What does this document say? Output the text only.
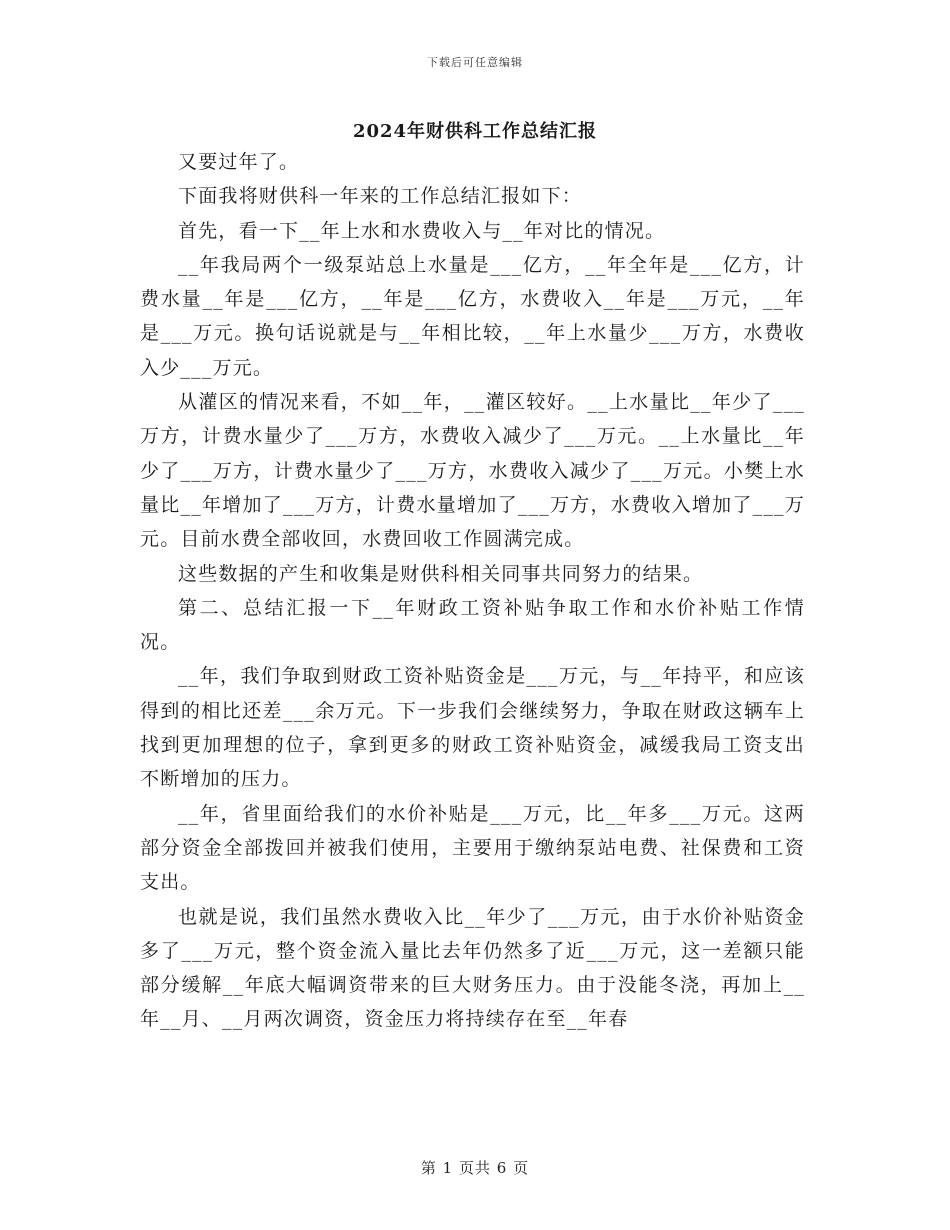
下载后可任意编辑
2024年财供科工作总结汇报

又要过年了。

下面我将财供科一年来的工作总结汇报如下：

首先，看一下__年上水和水费收入与__年对比的情况。

__年我局两个一级泵站总上水量是___亿方，__年全年是___亿方，计费水量__年是___亿方，__年是___亿方，水费收入__年是___万元，__年是___万元。换句话说就是与__年相比较，__年上水量少___万方，水费收入少___万元。

从灌区的情况来看，不如__年，__灌区较好。__上水量比__年少了___万方，计费水量少了___万方，水费收入减少了___万元。__上水量比__年少了___万方，计费水量少了___万方，水费收入减少了___万元。小樊上水量比__年增加了___万方，计费水量增加了___万方，水费收入增加了___万元。目前水费全部收回，水费回收工作圆满完成。

这些数据的产生和收集是财供科相关同事共同努力的结果。

第二、总结汇报一下__年财政工资补贴争取工作和水价补贴工作情况。

__年，我们争取到财政工资补贴资金是___万元，与__年持平，和应该得到的相比还差___余万元。下一步我们会继续努力，争取在财政这辆车上找到更加理想的位子，拿到更多的财政工资补贴资金，减缓我局工资支出不断增加的压力。

__年，省里面给我们的水价补贴是___万元，比__年多___万元。这两部分资金全部拨回并被我们使用，主要用于缴纳泵站电费、社保费和工资支出。

也就是说，我们虽然水费收入比__年少了___万元，由于水价补贴资金多了___万元，整个资金流入量比去年仍然多了近___万元，这一差额只能部分缓解__年底大幅调资带来的巨大财务压力。由于没能冬浇，再加上__年__月、__月两次调资，资金压力将持续存在至__年春

第 1 页共 6 页
